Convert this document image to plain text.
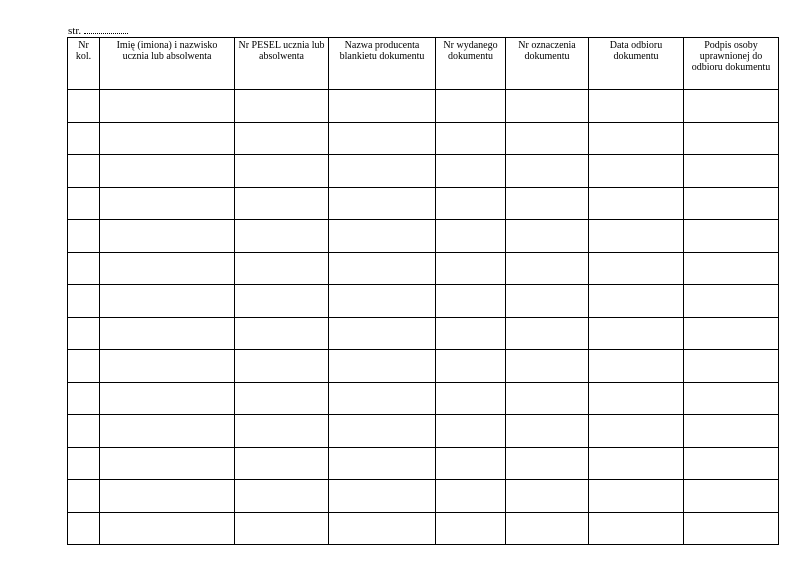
str.
Nr kol.	Imię (imiona) i nazwisko ucznia lub absolwenta	Nr PESEL ucznia lub absolwenta	Nazwa producenta blankietu dokumentu	Nr wydanego dokumentu	Nr oznaczenia dokumentu	Data odbioru dokumentu	Podpis osoby uprawnionej do odbioru dokumentu
